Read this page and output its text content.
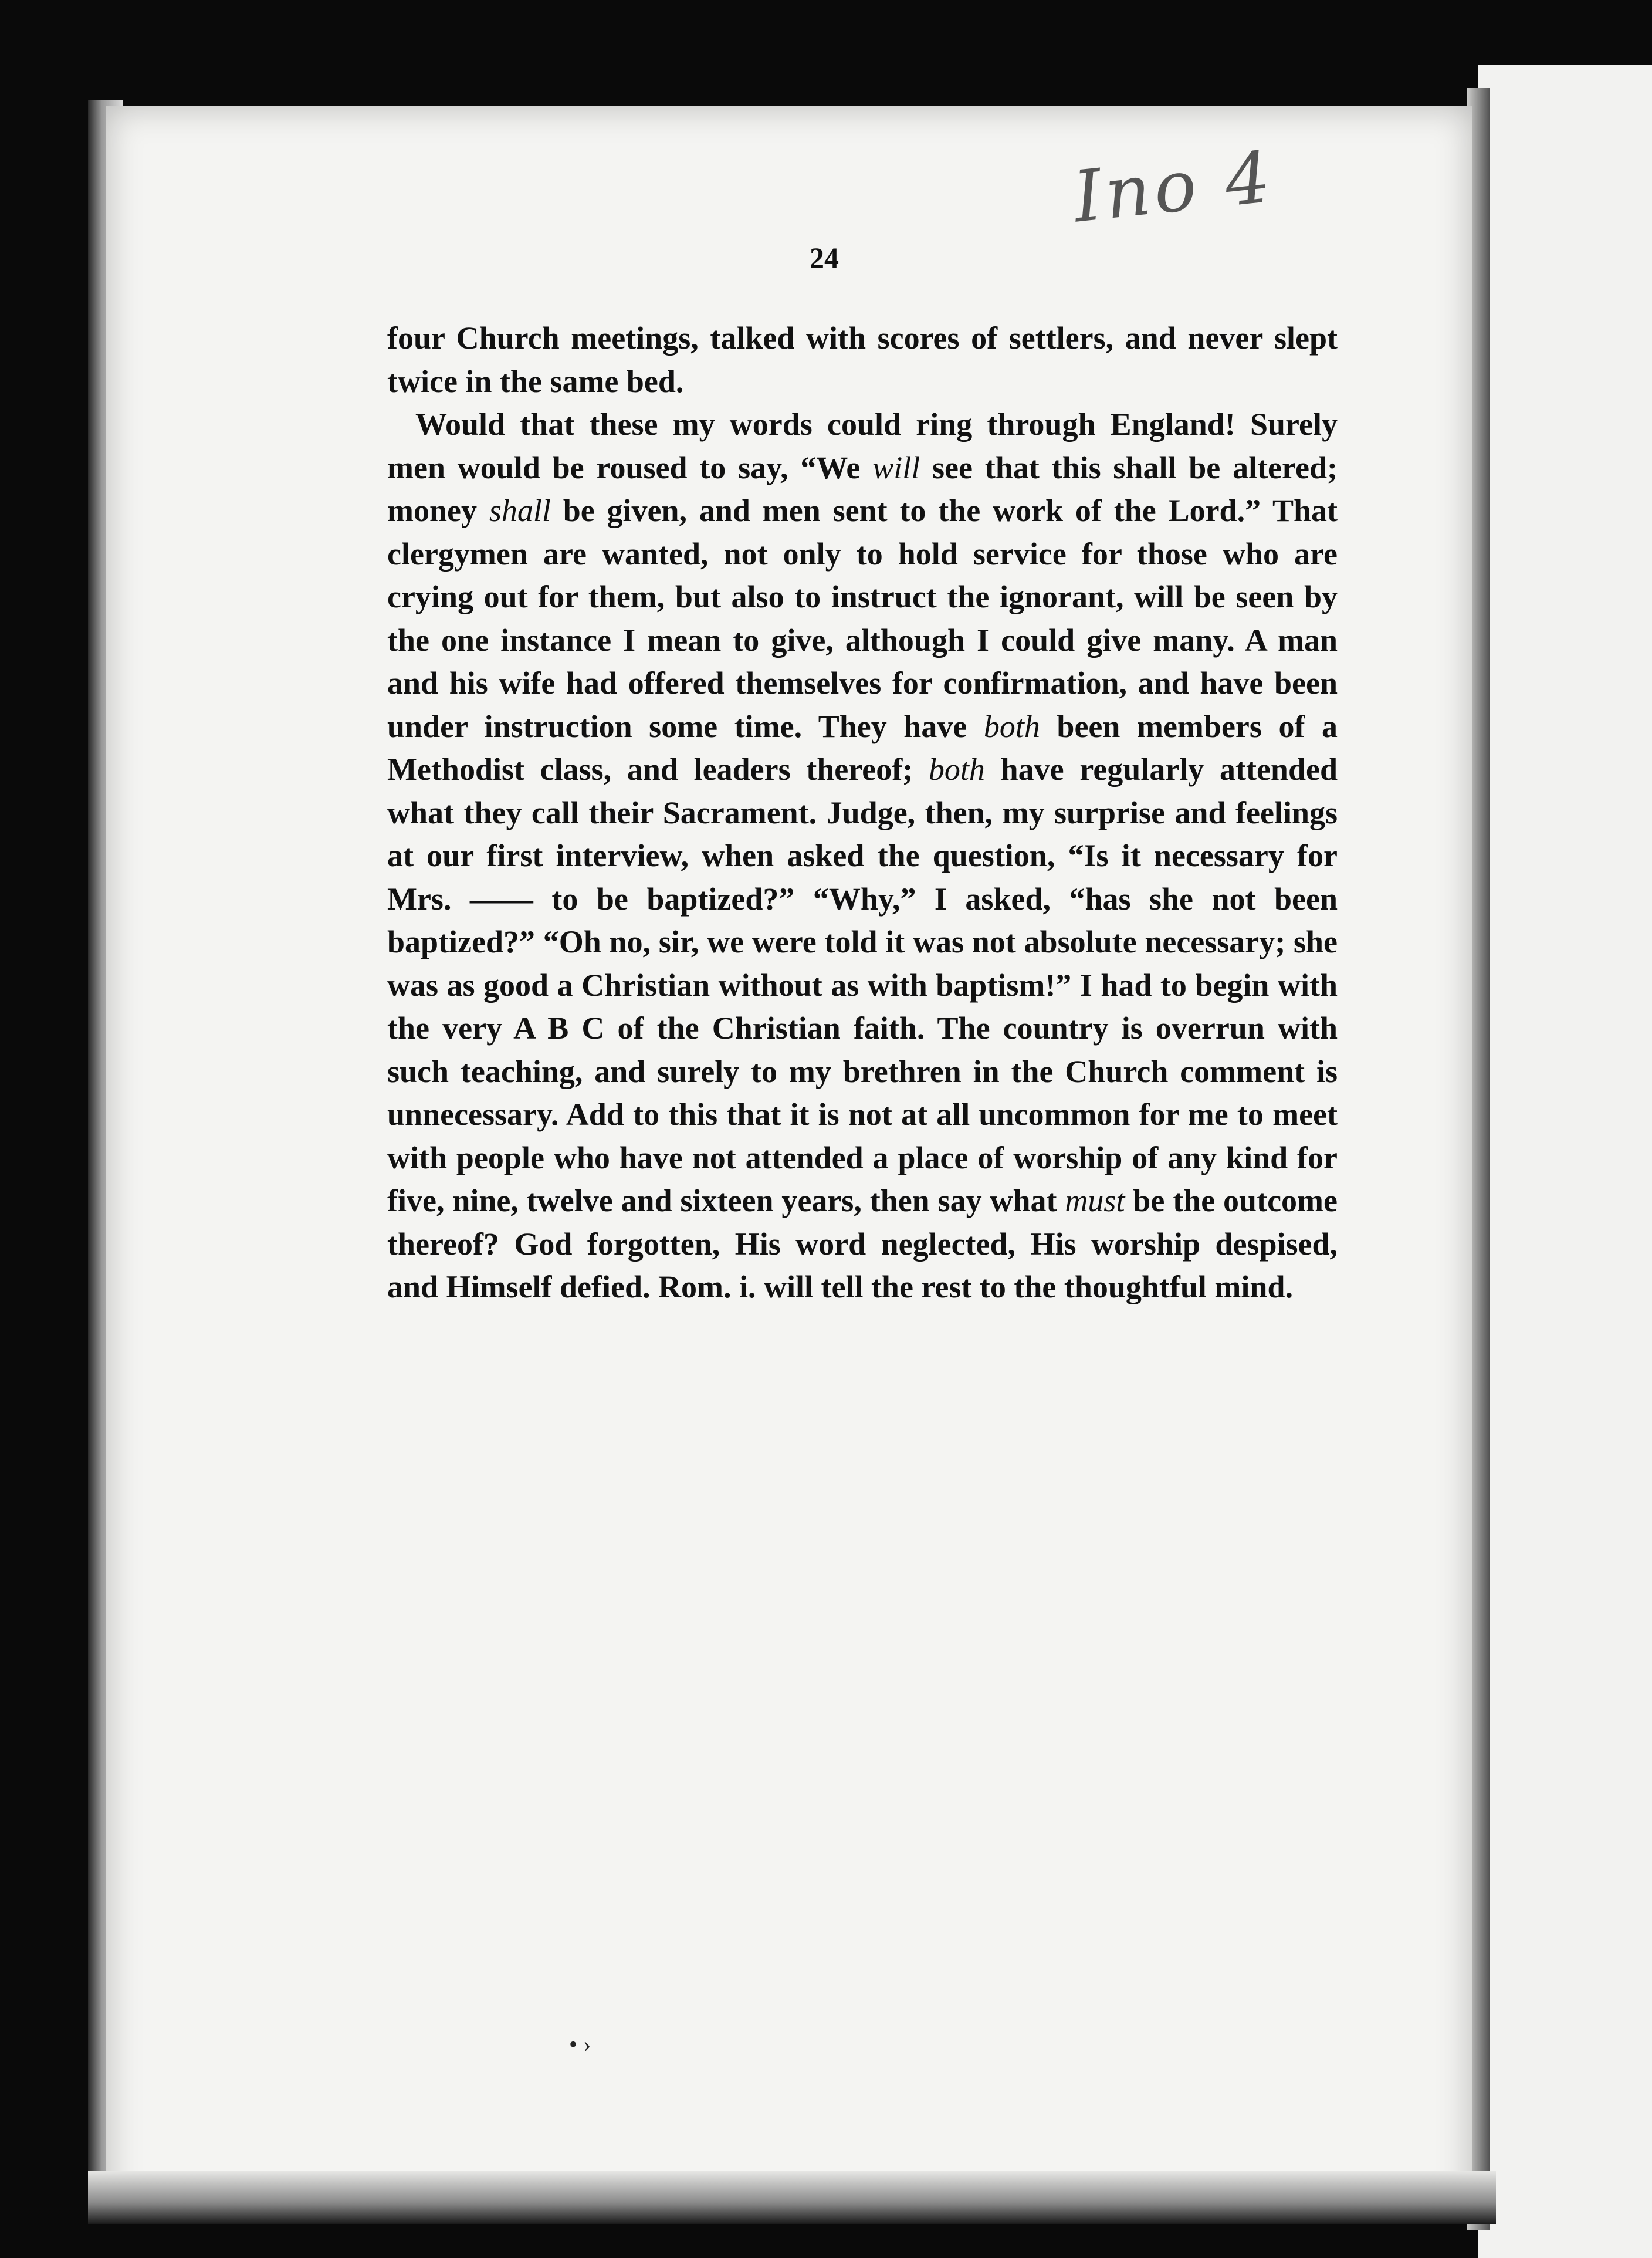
Ino 4
24

four Church meetings, talked with scores of settlers, and never slept twice in the same bed.

Would that these my words could ring through England! Surely men would be roused to say, “We will see that this shall be altered; money shall be given, and men sent to the work of the Lord.” That clergymen are wanted, not only to hold service for those who are crying out for them, but also to instruct the ignorant, will be seen by the one instance I mean to give, although I could give many. A man and his wife had offered themselves for confirmation, and have been under instruction some time. They have both been members of a Methodist class, and leaders thereof; both have regularly attended what they call their Sacrament. Judge, then, my surprise and feelings at our first interview, when asked the question, “Is it necessary for Mrs. —— to be baptized?” “Why,” I asked, “has she not been baptized?” “Oh no, sir, we were told it was not absolute necessary; she was as good a Christian without as with baptism!” I had to begin with the very A B C of the Christian faith. The country is overrun with such teaching, and surely to my brethren in the Church comment is unnecessary. Add to this that it is not at all uncommon for me to meet with people who have not attended a place of worship of any kind for five, nine, twelve and sixteen years, then say what must be the outcome thereof? God forgotten, His word neglected, His worship despised, and Himself defied. Rom. i. will tell the rest to the thoughtful mind.

• ›
